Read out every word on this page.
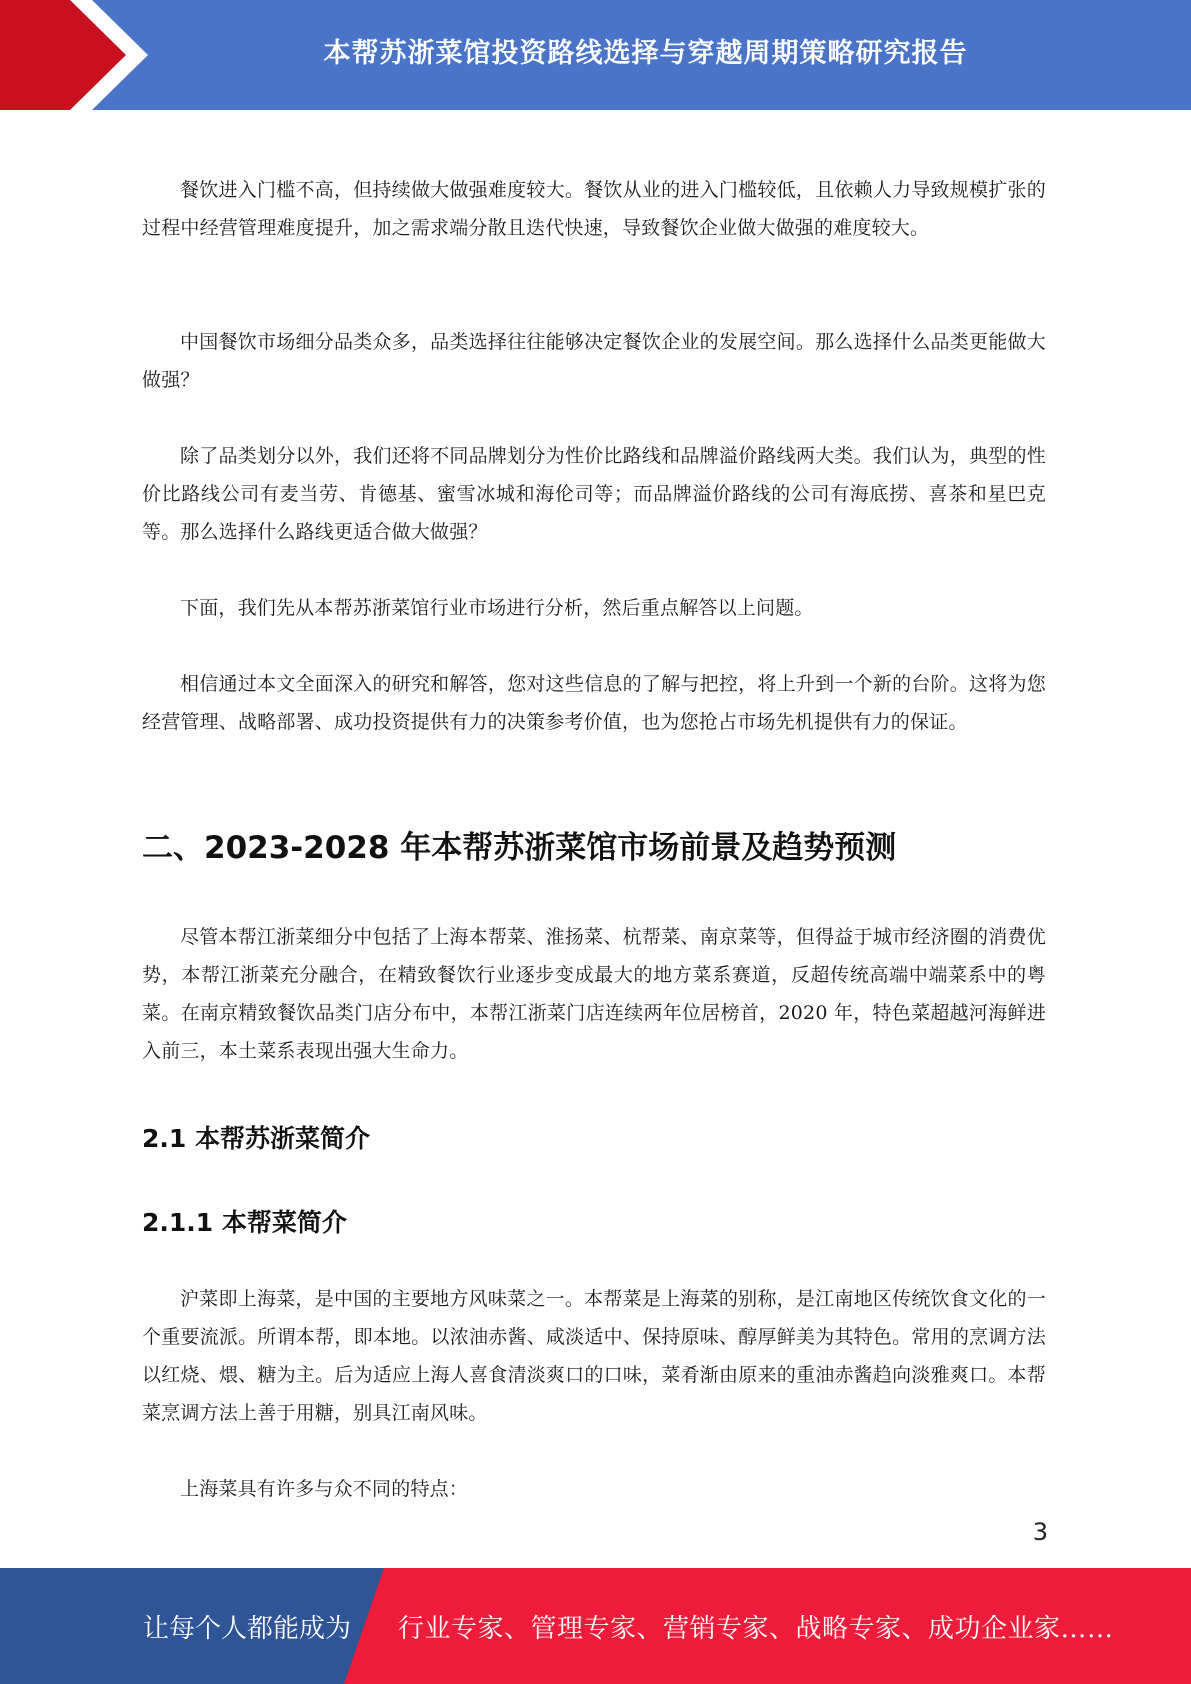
本帮苏浙菜馆投资路线选择与穿越周期策略研究报告

餐饮进入门槛不高，但持续做大做强难度较大。餐饮从业的进入门槛较低，且依赖人力导致规模扩张的过程中经营管理难度提升，加之需求端分散且迭代快速，导致餐饮企业做大做强的难度较大。

中国餐饮市场细分品类众多，品类选择往往能够决定餐饮企业的发展空间。那么选择什么品类更能做大做强？

除了品类划分以外，我们还将不同品牌划分为性价比路线和品牌溢价路线两大类。我们认为，典型的性价比路线公司有麦当劳、肯德基、蜜雪冰城和海伦司等；而品牌溢价路线的公司有海底捞、喜茶和星巴克等。那么选择什么路线更适合做大做强？

下面，我们先从本帮苏浙菜馆行业市场进行分析，然后重点解答以上问题。

相信通过本文全面深入的研究和解答，您对这些信息的了解与把控，将上升到一个新的台阶。这将为您经营管理、战略部署、成功投资提供有力的决策参考价值，也为您抢占市场先机提供有力的保证。

二、2023-2028 年本帮苏浙菜馆市场前景及趋势预测

尽管本帮江浙菜细分中包括了上海本帮菜、淮扬菜、杭帮菜、南京菜等，但得益于城市经济圈的消费优势，本帮江浙菜充分融合，在精致餐饮行业逐步变成最大的地方菜系赛道，反超传统高端中端菜系中的粤菜。在南京精致餐饮品类门店分布中，本帮江浙菜门店连续两年位居榜首，2020 年，特色菜超越河海鲜进入前三，本土菜系表现出强大生命力。

2.1 本帮苏浙菜简介
2.1.1 本帮菜简介

沪菜即上海菜，是中国的主要地方风味菜之一。本帮菜是上海菜的别称，是江南地区传统饮食文化的一个重要流派。所谓本帮，即本地。以浓油赤酱、咸淡适中、保持原味、醇厚鲜美为其特色。常用的烹调方法以红烧、煨、糖为主。后为适应上海人喜食清淡爽口的口味，菜肴渐由原来的重油赤酱趋向淡雅爽口。本帮菜烹调方法上善于用糖，别具江南风味。

上海菜具有许多与众不同的特点：

3
让每个人都能成为 行业专家、管理专家、营销专家、战略专家、成功企业家……
